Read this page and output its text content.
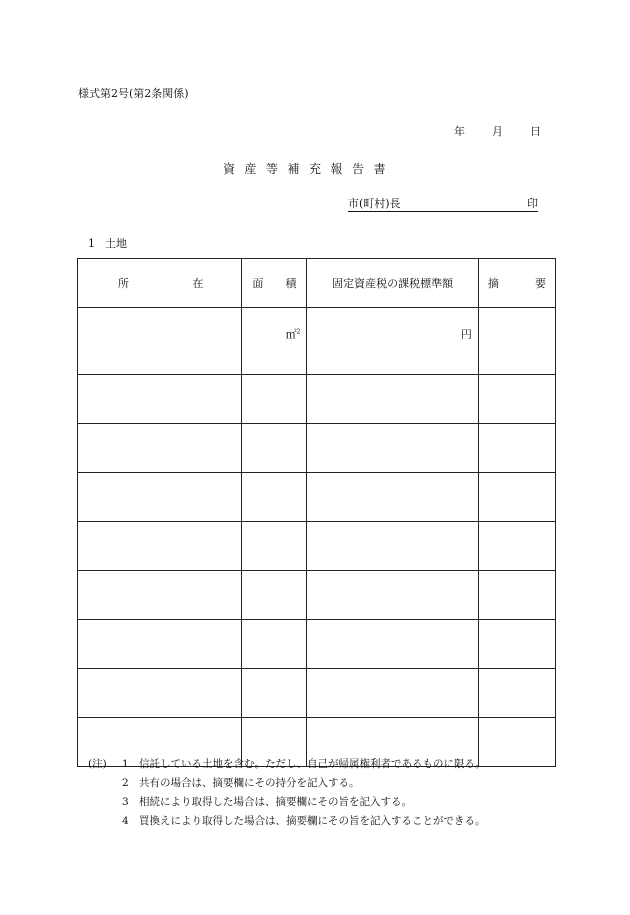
様式第2号(第2条関係)
年 月 日
資産等補充報告書
市(町村)長	印
1 土地
所 在	面 積	固定資産税の課税標準額	摘 要

	㎡$^2$	円	

(注)	1 信託している土地を含む。ただし、自己が帰属権利者であるものに限る。
2 共有の場合は、摘要欄にその持分を記入する。
3 相続により取得した場合は、摘要欄にその旨を記入する。
4 買換えにより取得した場合は、摘要欄にその旨を記入することができる。
